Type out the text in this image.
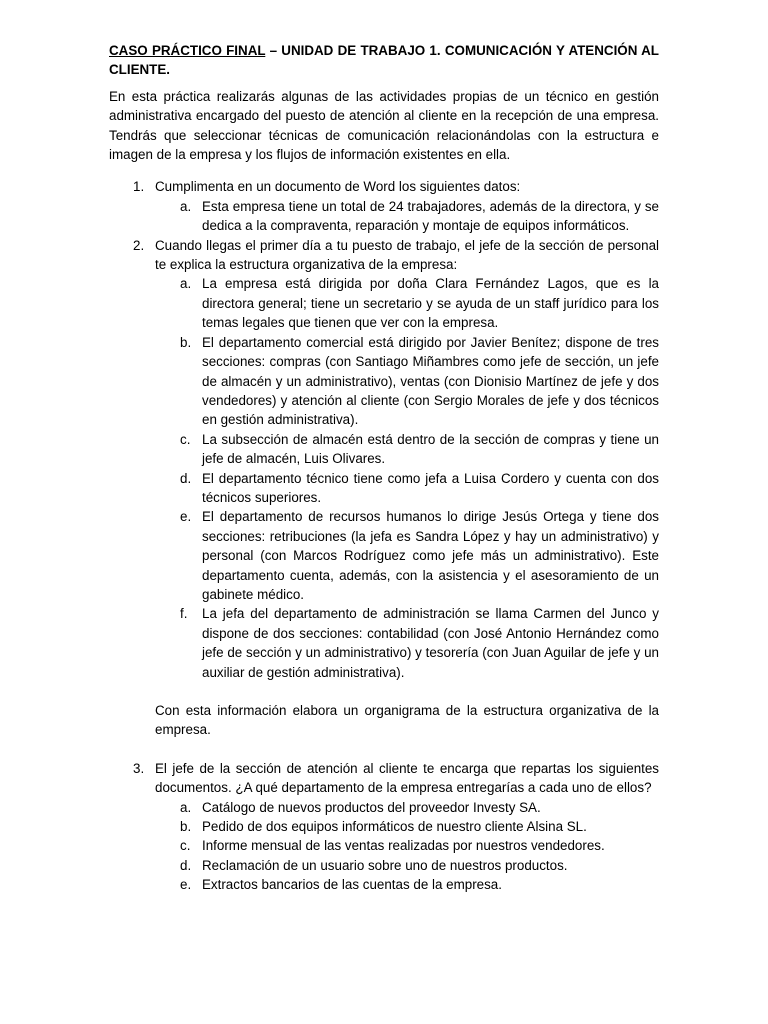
CASO PRÁCTICO FINAL – UNIDAD DE TRABAJO 1. COMUNICACIÓN Y ATENCIÓN AL CLIENTE.

En esta práctica realizarás algunas de las actividades propias de un técnico en gestión administrativa encargado del puesto de atención al cliente en la recepción de una empresa. Tendrás que seleccionar técnicas de comunicación relacionándolas con la estructura e imagen de la empresa y los flujos de información existentes en ella.

1. Cumplimenta en un documento de Word los siguientes datos:
a. Esta empresa tiene un total de 24 trabajadores, además de la directora, y se dedica a la compraventa, reparación y montaje de equipos informáticos.
2. Cuando llegas el primer día a tu puesto de trabajo, el jefe de la sección de personal te explica la estructura organizativa de la empresa:
a. La empresa está dirigida por doña Clara Fernández Lagos, que es la directora general; tiene un secretario y se ayuda de un staff jurídico para los temas legales que tienen que ver con la empresa.
b. El departamento comercial está dirigido por Javier Benítez; dispone de tres secciones: compras (con Santiago Miñambres como jefe de sección, un jefe de almacén y un administrativo), ventas (con Dionisio Martínez de jefe y dos vendedores) y atención al cliente (con Sergio Morales de jefe y dos técnicos en gestión administrativa).
c. La subsección de almacén está dentro de la sección de compras y tiene un jefe de almacén, Luis Olivares.
d. El departamento técnico tiene como jefa a Luisa Cordero y cuenta con dos técnicos superiores.
e. El departamento de recursos humanos lo dirige Jesús Ortega y tiene dos secciones: retribuciones (la jefa es Sandra López y hay un administrativo) y personal (con Marcos Rodríguez como jefe más un administrativo). Este departamento cuenta, además, con la asistencia y el asesoramiento de un gabinete médico.
f. La jefa del departamento de administración se llama Carmen del Junco y dispone de dos secciones: contabilidad (con José Antonio Hernández como jefe de sección y un administrativo) y tesorería (con Juan Aguilar de jefe y un auxiliar de gestión administrativa).

Con esta información elabora un organigrama de la estructura organizativa de la empresa.

3. El jefe de la sección de atención al cliente te encarga que repartas los siguientes documentos. ¿A qué departamento de la empresa entregarías a cada uno de ellos?
a. Catálogo de nuevos productos del proveedor Investy SA.
b. Pedido de dos equipos informáticos de nuestro cliente Alsina SL.
c. Informe mensual de las ventas realizadas por nuestros vendedores.
d. Reclamación de un usuario sobre uno de nuestros productos.
e. Extractos bancarios de las cuentas de la empresa.
